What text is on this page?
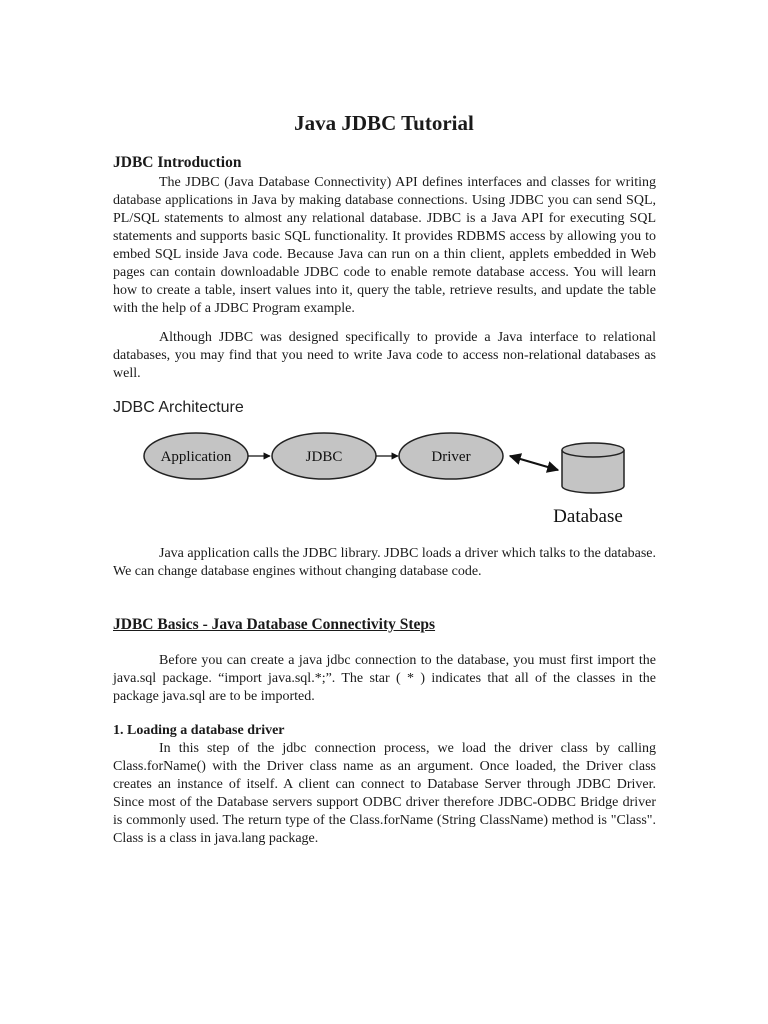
Java JDBC Tutorial
JDBC Introduction

The JDBC (Java Database Connectivity) API defines interfaces and classes for writing database applications in Java by making database connections. Using JDBC you can send SQL, PL/SQL statements to almost any relational database. JDBC is a Java API for executing SQL statements and supports basic SQL functionality. It provides RDBMS access by allowing you to embed SQL inside Java code. Because Java can run on a thin client, applets embedded in Web pages can contain downloadable JDBC code to enable remote database access. You will learn how to create a table, insert values into it, query the table, retrieve results, and update the table with the help of a JDBC Program example.

Although JDBC was designed specifically to provide a Java interface to relational databases, you may find that you need to write Java code to access non-relational databases as well.

JDBC Architecture

Application	JDBC	Driver
Database

Java application calls the JDBC library. JDBC loads a driver which talks to the database. We can change database engines without changing database code.

JDBC Basics - Java Database Connectivity Steps

Before you can create a java jdbc connection to the database, you must first import the java.sql package. “import java.sql.*;”. The star ( * ) indicates that all of the classes in the package java.sql are to be imported.

1. Loading a database driver

In this step of the jdbc connection process, we load the driver class by calling Class.forName() with the Driver class name as an argument. Once loaded, the Driver class creates an instance of itself. A client can connect to Database Server through JDBC Driver. Since most of the Database servers support ODBC driver therefore JDBC-ODBC Bridge driver is commonly used. The return type of the Class.forName (String ClassName) method is "Class". Class is a class in java.lang package.
